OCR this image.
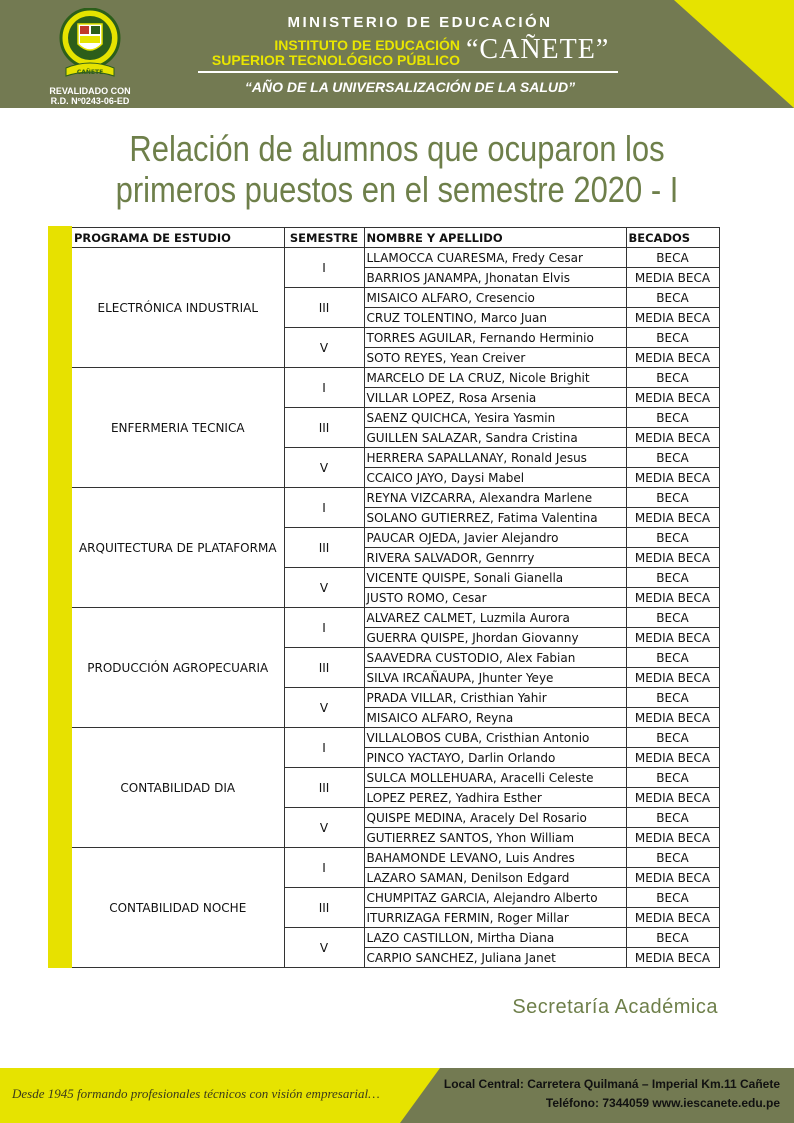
CAÑETE
REVALIDADO CON
R.D. Nº0243-06-ED
MINISTERIO DE EDUCACIÓN
INSTITUTO DE EDUCACIÓN
SUPERIOR TECNOLÓGICO PÚBLICO “CAÑETE”
“AÑO DE LA UNIVERSALIZACIÓN DE LA SALUD”
Relación de alumnos que ocuparon los
primeros puestos en el semestre 2020 - I
PROGRAMA DE ESTUDIO	SEMESTRE	NOMBRE Y APELLIDO	BECADOS
ELECTRÓNICA INDUSTRIAL	I	LLAMOCCA CUARESMA, Fredy Cesar	BECA
		BARRIOS JANAMPA, Jhonatan Elvis	MEDIA BECA
	III	MISAICO ALFARO, Cresencio	BECA
		CRUZ TOLENTINO, Marco Juan	MEDIA BECA
	V	TORRES AGUILAR, Fernando Herminio	BECA
		SOTO REYES, Yean Creiver	MEDIA BECA
ENFERMERIA TECNICA	I	MARCELO DE LA CRUZ, Nicole Brighit	BECA
		VILLAR LOPEZ, Rosa Arsenia	MEDIA BECA
	III	SAENZ QUICHCA, Yesira Yasmin	BECA
		GUILLEN SALAZAR, Sandra Cristina	MEDIA BECA
	V	HERRERA SAPALLANAY, Ronald Jesus	BECA
		CCAICO JAYO, Daysi Mabel	MEDIA BECA
ARQUITECTURA DE PLATAFORMA	I	REYNA VIZCARRA, Alexandra Marlene	BECA
		SOLANO GUTIERREZ, Fatima Valentina	MEDIA BECA
	III	PAUCAR OJEDA, Javier Alejandro	BECA
		RIVERA SALVADOR, Gennrry	MEDIA BECA
	V	VICENTE QUISPE, Sonali Gianella	BECA
		JUSTO ROMO, Cesar	MEDIA BECA
PRODUCCIÓN AGROPECUARIA	I	ALVAREZ CALMET, Luzmila Aurora	BECA
		GUERRA QUISPE, Jhordan Giovanny	MEDIA BECA
	III	SAAVEDRA CUSTODIO, Alex Fabian	BECA
		SILVA IRCAÑAUPA, Jhunter Yeye	MEDIA BECA
	V	PRADA VILLAR, Cristhian Yahir	BECA
		MISAICO ALFARO, Reyna	MEDIA BECA
CONTABILIDAD DIA	I	VILLALOBOS CUBA, Cristhian Antonio	BECA
		PINCO YACTAYO, Darlin Orlando	MEDIA BECA
	III	SULCA MOLLEHUARA, Aracelli Celeste	BECA
		LOPEZ PEREZ, Yadhira Esther	MEDIA BECA
	V	QUISPE MEDINA, Aracely Del Rosario	BECA
		GUTIERREZ SANTOS, Yhon William	MEDIA BECA
CONTABILIDAD NOCHE	I	BAHAMONDE LEVANO, Luis Andres	BECA
		LAZARO SAMAN, Denilson Edgard	MEDIA BECA
	III	CHUMPITAZ GARCIA, Alejandro Alberto	BECA
		ITURRIZAGA FERMIN, Roger Millar	MEDIA BECA
	V	LAZO CASTILLON, Mirtha Diana	BECA
		CARPIO SANCHEZ, Juliana Janet	MEDIA BECA
Secretaría Académica
Desde 1945 formando profesionales técnicos con visión empresarial…
Local Central: Carretera Quilmaná – Imperial Km.11 Cañete
Teléfono: 7344059 www.iescanete.edu.pe
